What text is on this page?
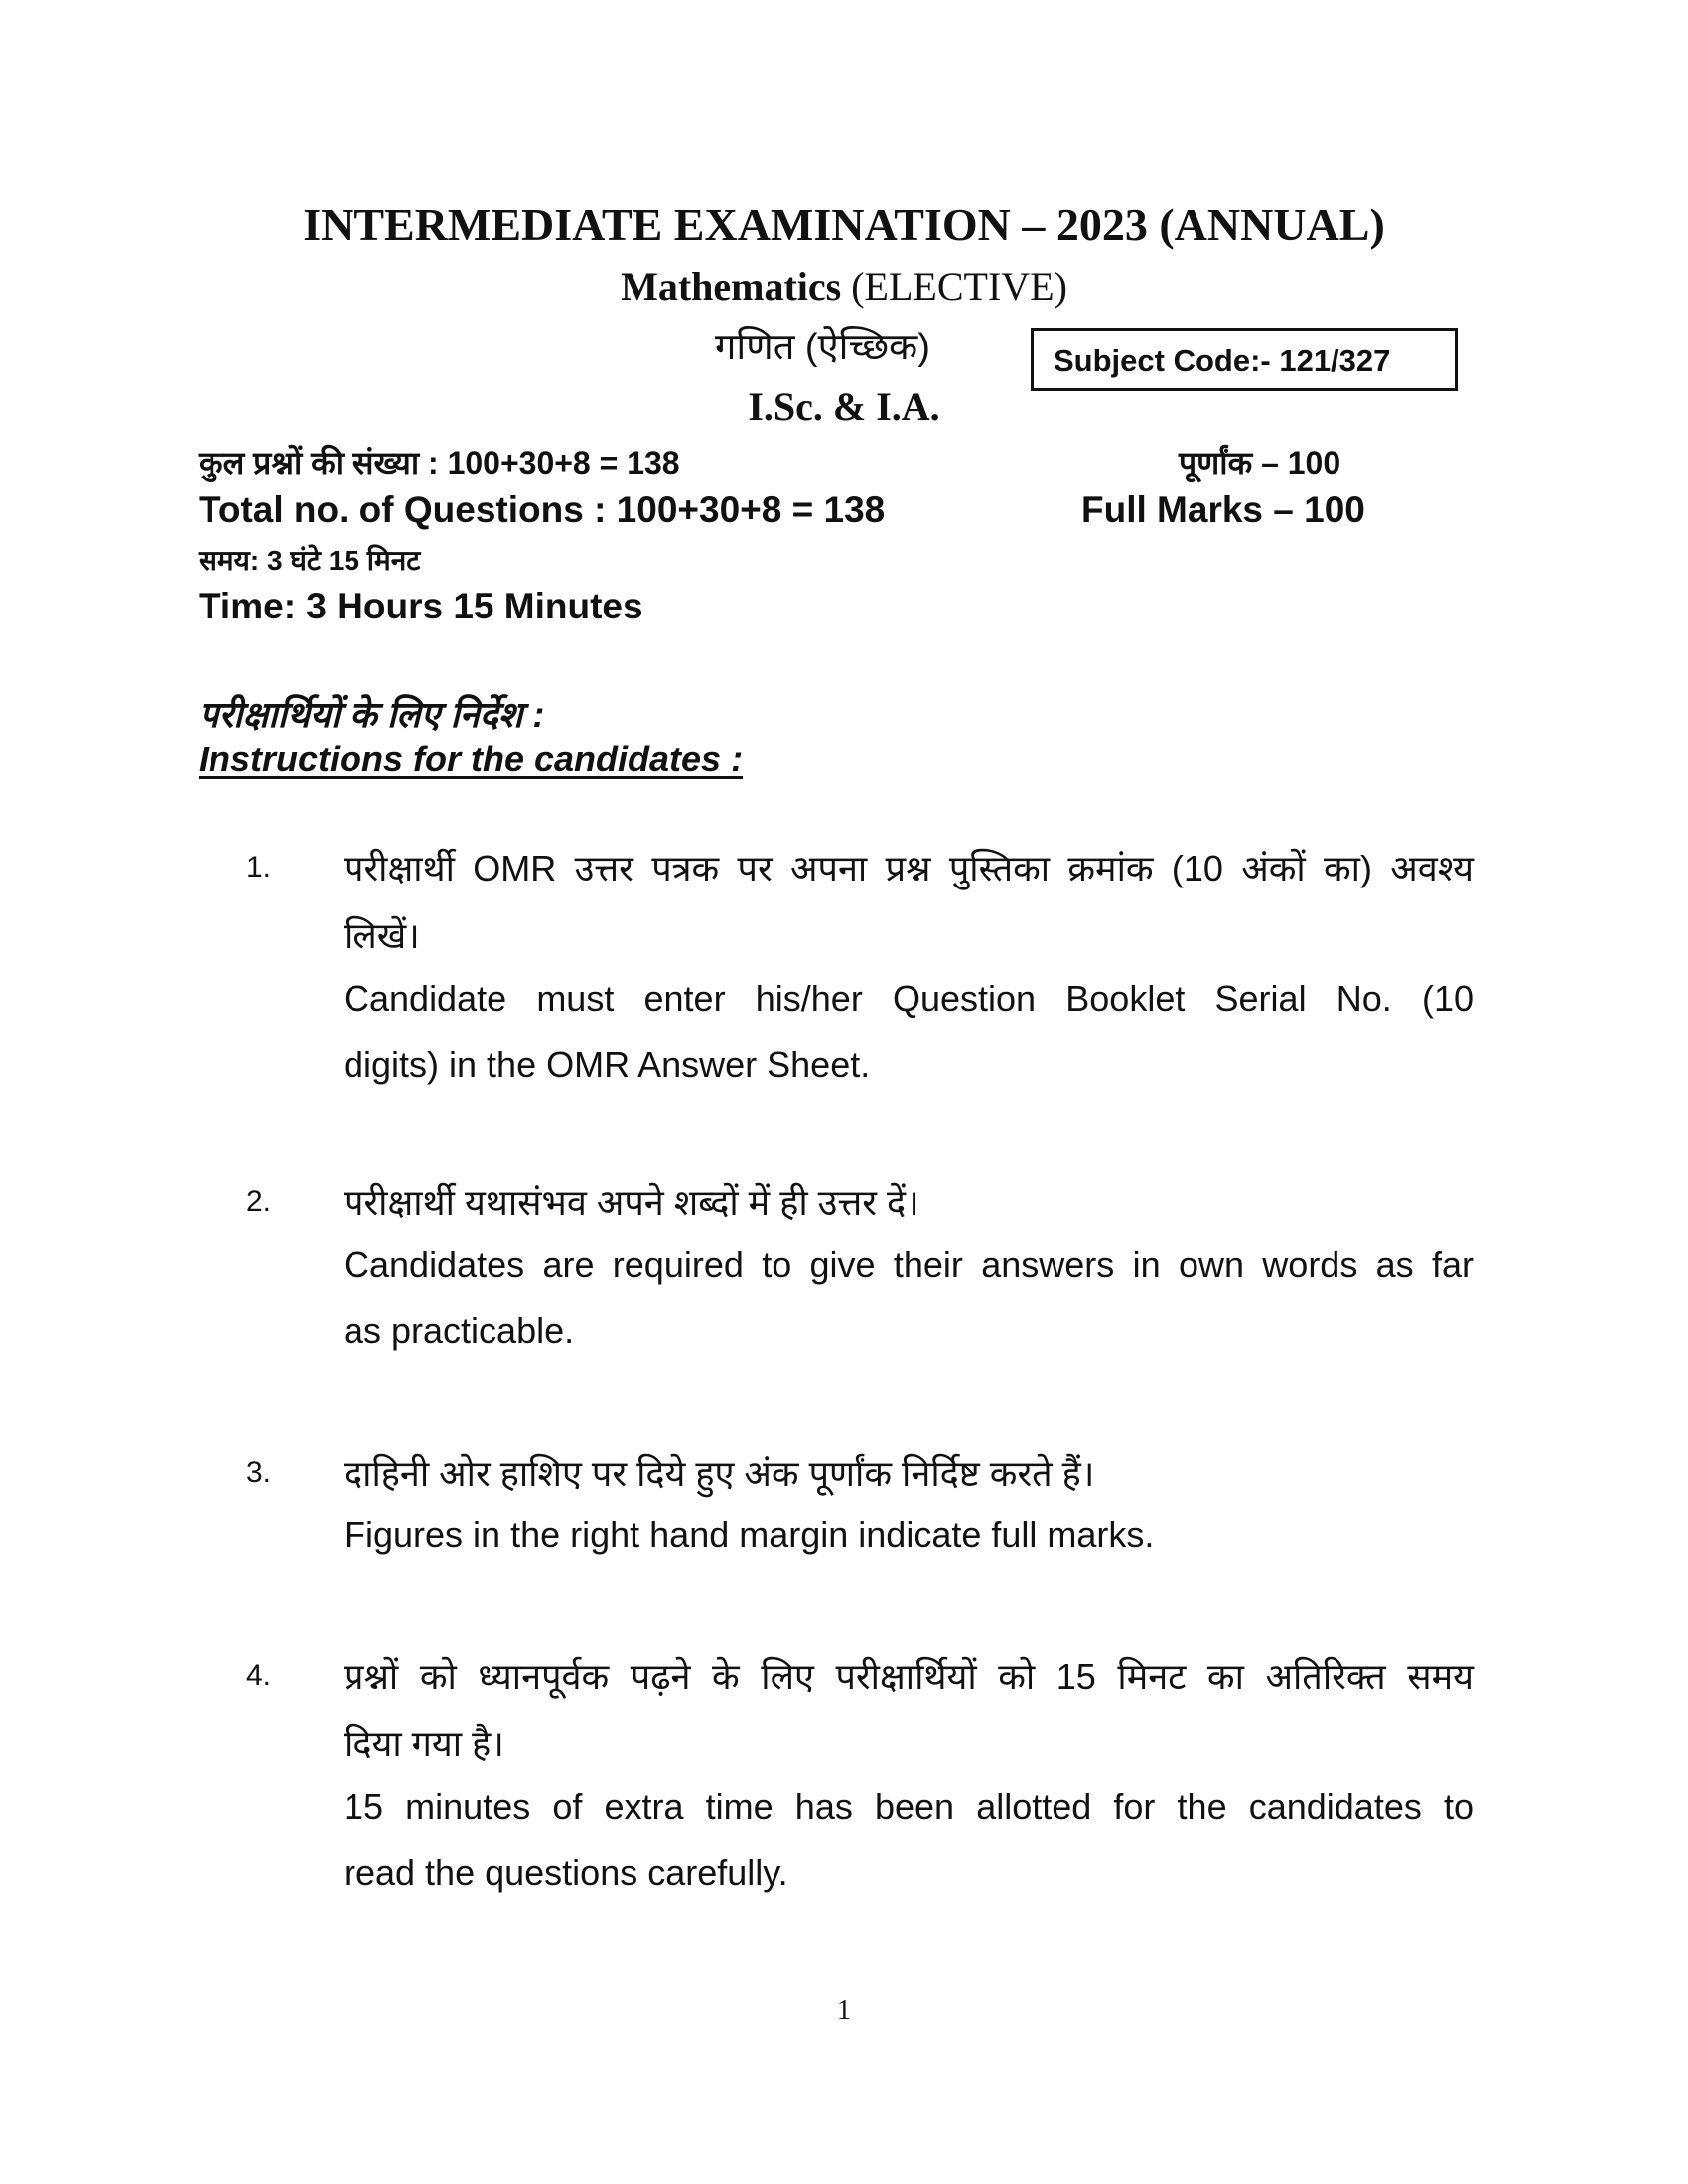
INTERMEDIATE EXAMINATION – 2023 (ANNUAL)
Mathematics (ELECTIVE)
गणित (ऐच्छिक)	Subject Code:- 121/327
I.Sc. & I.A.
कुल प्रश्नों की संख्या : 100+30+8 = 138	पूर्णांक – 100
Total no. of Questions : 100+30+8 = 138	Full Marks – 100
समय: 3 घंटे 15 मिनट
Time: 3 Hours 15 Minutes
परीक्षार्थियों के लिए निर्देश :
Instructions for the candidates :
1. परीक्षार्थी OMR उत्तर पत्रक पर अपना प्रश्न पुस्तिका क्रमांक (10 अंकों का) अवश्य
लिखें।
Candidate must enter his/her Question Booklet Serial No. (10
digits) in the OMR Answer Sheet.
2. परीक्षार्थी यथासंभव अपने शब्दों में ही उत्तर दें।
Candidates are required to give their answers in own words as far
as practicable.
3. दाहिनी ओर हाशिए पर दिये हुए अंक पूर्णांक निर्दिष्ट करते हैं।
Figures in the right hand margin indicate full marks.
4. प्रश्नों को ध्यानपूर्वक पढ़ने के लिए परीक्षार्थियों को 15 मिनट का अतिरिक्त समय
दिया गया है।
15 minutes of extra time has been allotted for the candidates to
read the questions carefully.
1
